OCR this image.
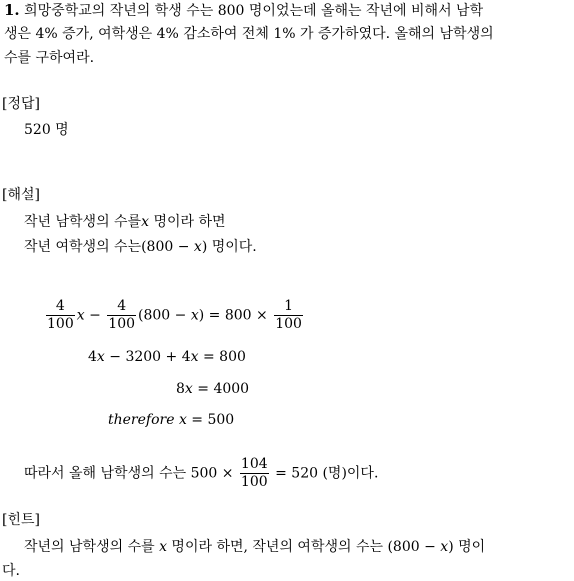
1. 희망중학교의 작년의 학생 수는 800 명이었는데 올해는 작년에 비해서 남학
생은 4% 증가, 여학생은 4% 감소하여 전체 1% 가 증가하였다. 올해의 남학생의
수를 구하여라.
[정답]
520 명
[해설]
작년 남학생의 수를x 명이라 하면
작년 여학생의 수는(800 − x) 명이다.
$\frac{4}{100}$ $x - \frac{4}{100} (800 - x) = 800 \times \frac{1}{100}$
4x − 3200 + 4x = 800
8x = 4000
therefore x = 500
따라서 올해 남학생의 수는 $500 \times \frac{104}{100} = 520$ (명)이다.
[힌트]
작년의 남학생의 수를 x 명이라 하면, 작년의 여학생의 수는 (800 − x) 명이
다.
